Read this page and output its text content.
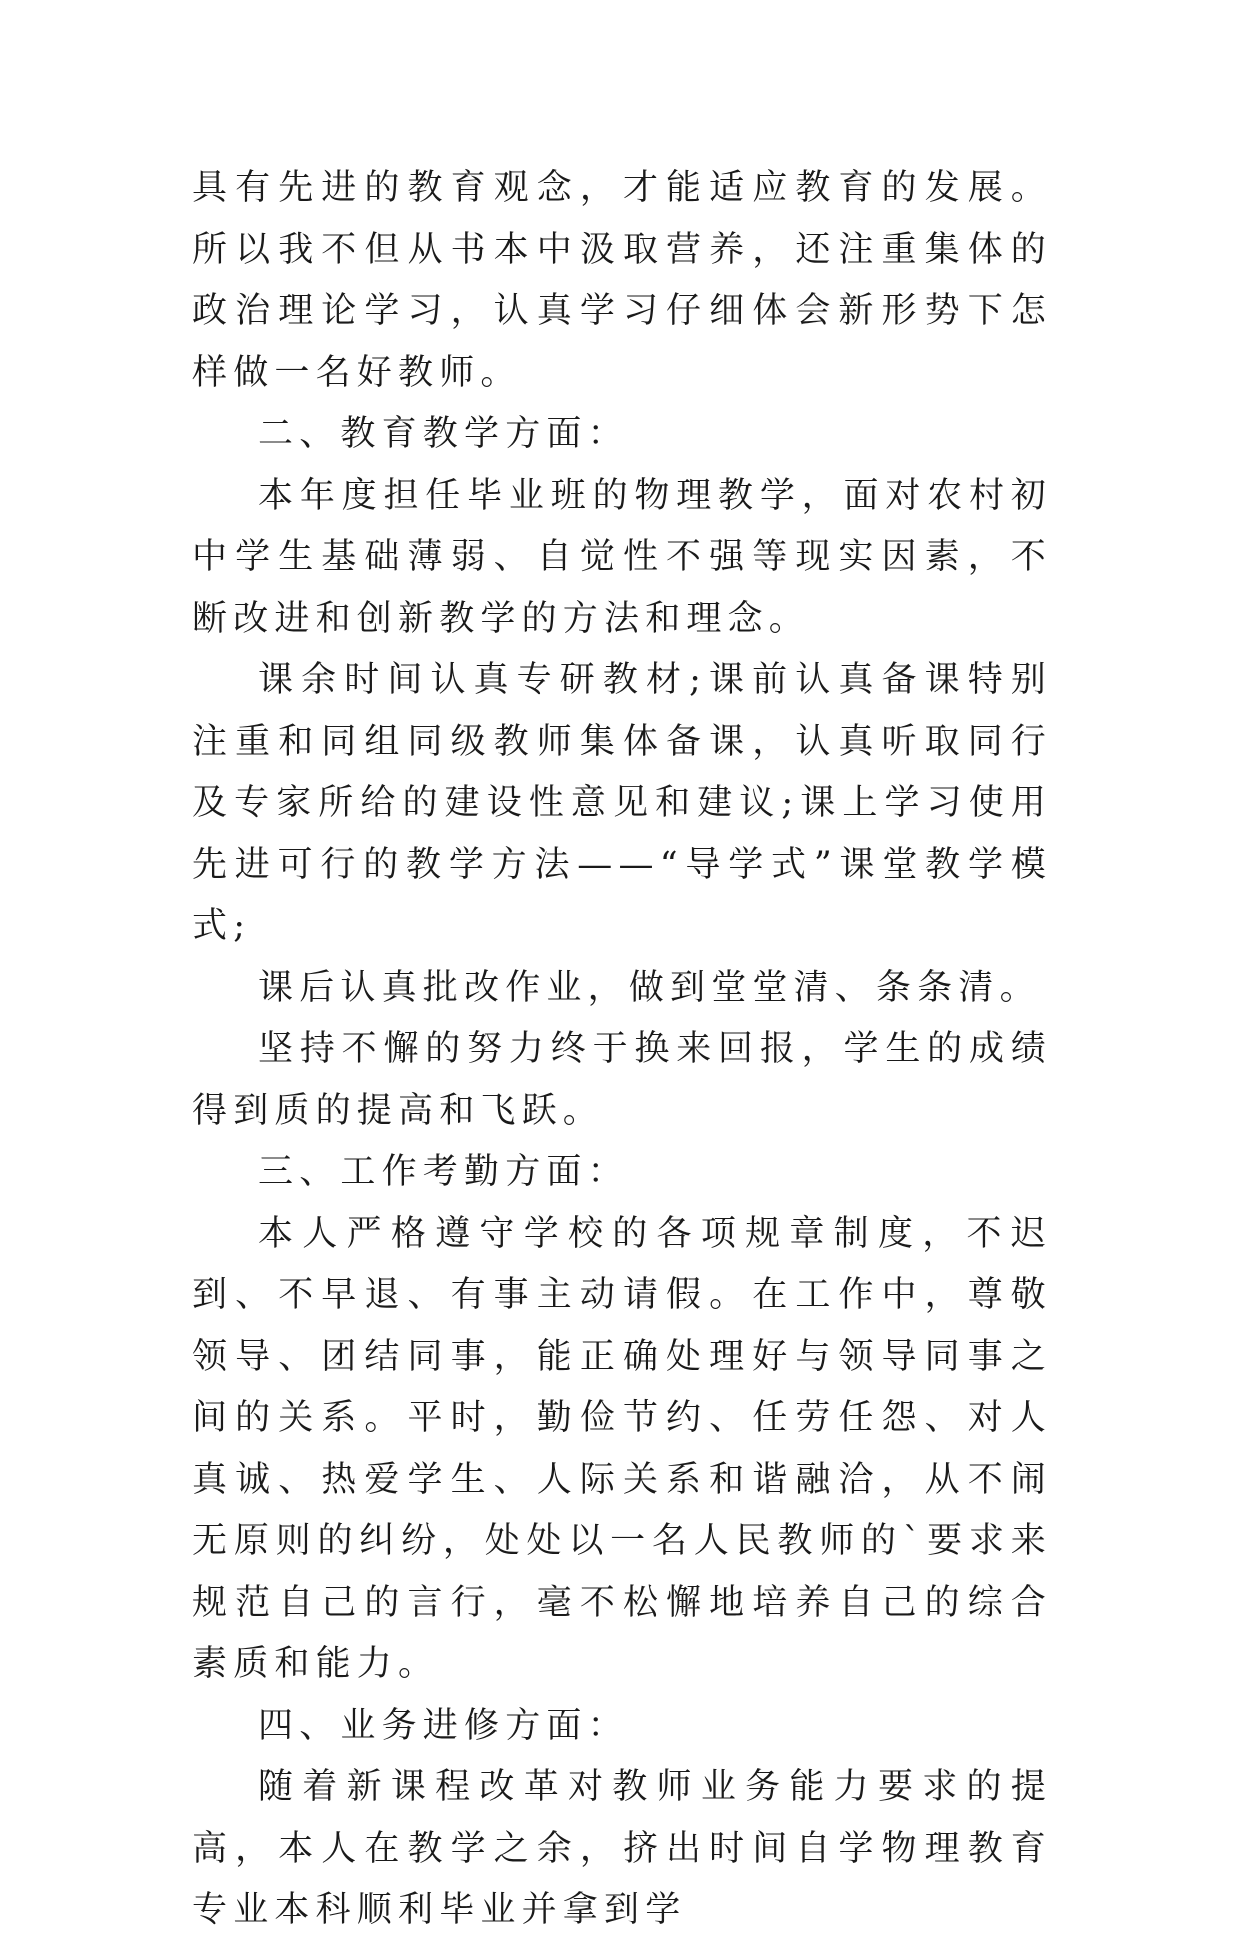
具有先进的教育观念，才能适应教育的发展。所以我不但从书本中汲取营养，还注重集体的政治理论学习，认真学习仔细体会新形势下怎样做一名好教师。

二、教育教学方面：

本年度担任毕业班的物理教学，面对农村初中学生基础薄弱、自觉性不强等现实因素，不断改进和创新教学的方法和理念。

课余时间认真专研教材;课前认真备课特别注重和同组同级教师集体备课，认真听取同行及专家所给的建设性意见和建议;课上学习使用先进可行的教学方法——“导学式”课堂教学模式;

课后认真批改作业，做到堂堂清、条条清。

坚持不懈的努力终于换来回报，学生的成绩得到质的提高和飞跃。

三、工作考勤方面：

本人严格遵守学校的各项规章制度，不迟到、不早退、有事主动请假。在工作中，尊敬领导、团结同事，能正确处理好与领导同事之间的关系。平时，勤俭节约、任劳任怨、对人真诚、热爱学生、人际关系和谐融洽，从不闹无原则的纠纷，处处以一名人民教师的`要求来规范自己的言行，毫不松懈地培养自己的综合素质和能力。

四、业务进修方面：

随着新课程改革对教师业务能力要求的提高，本人在教学之余，挤出时间自学物理教育专业本科顺利毕业并拿到学
